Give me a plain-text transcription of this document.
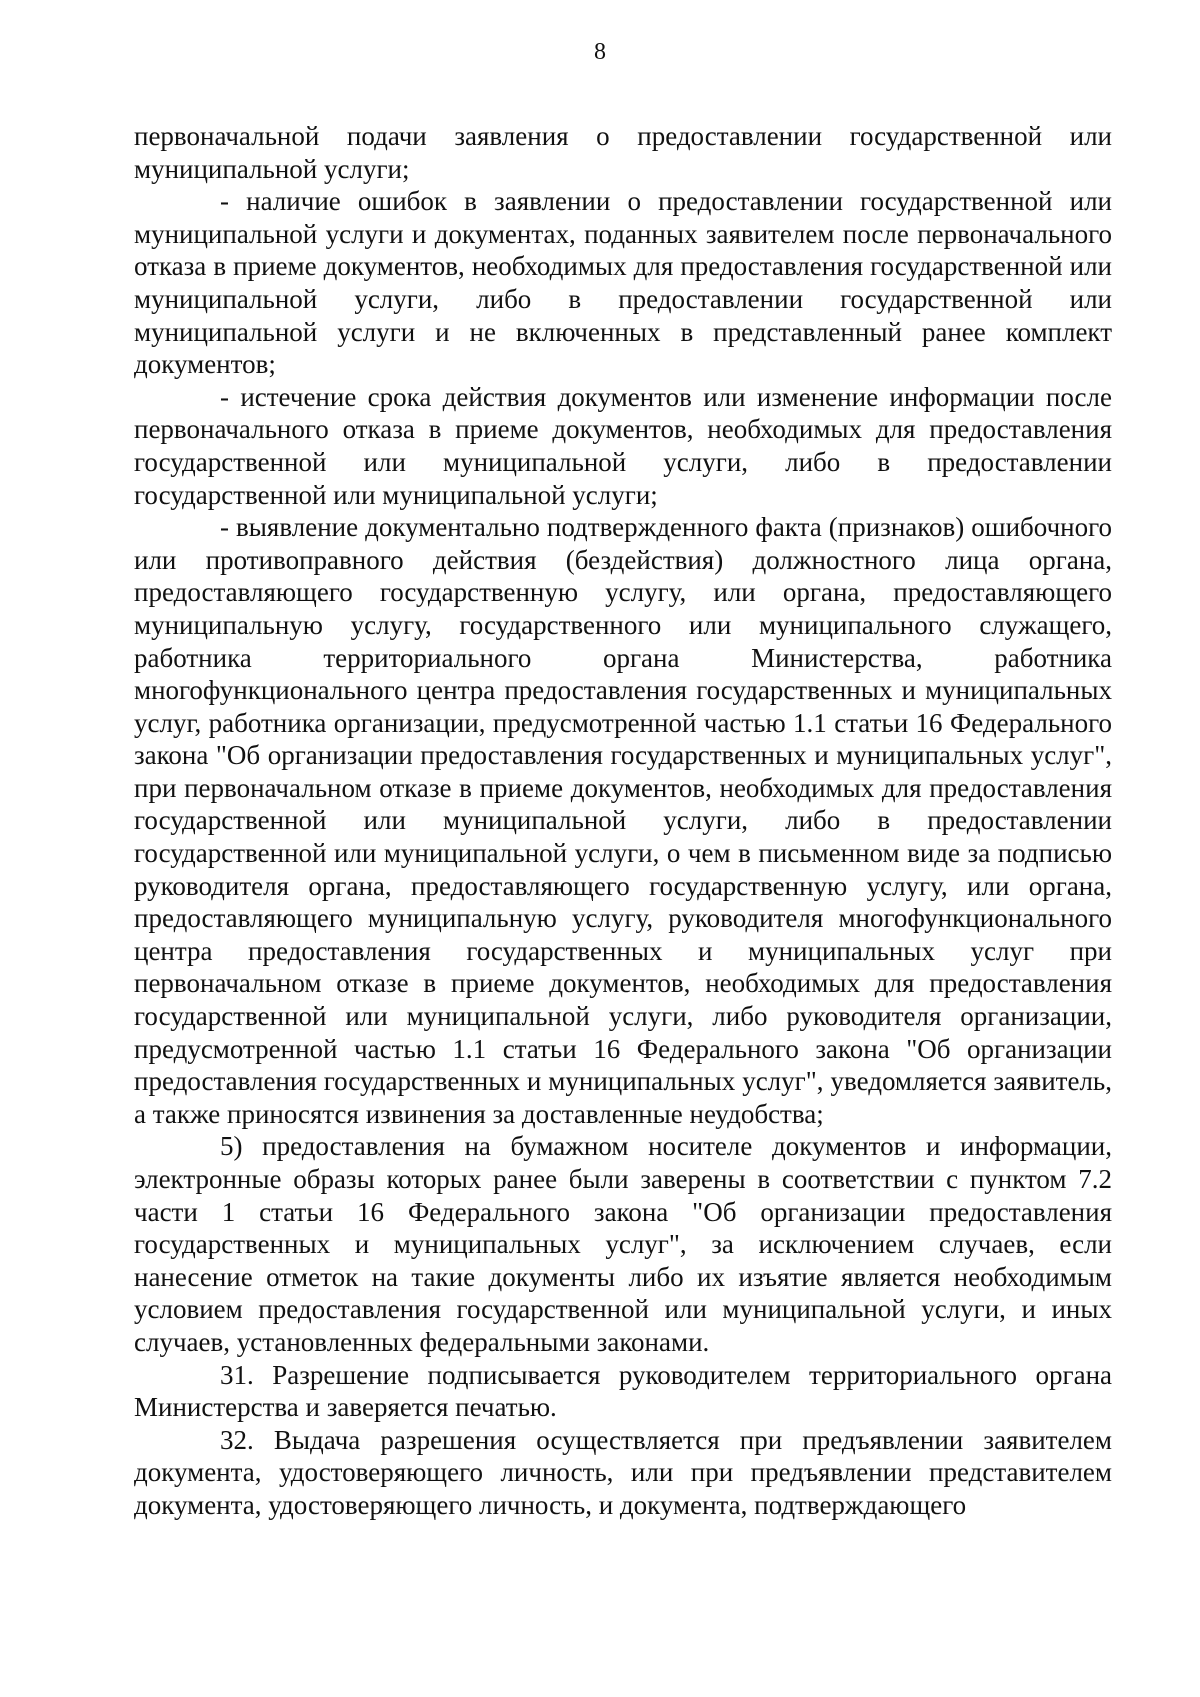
8

первоначальной подачи заявления о предоставлении государственной или муниципальной услуги;

- наличие ошибок в заявлении о предоставлении государственной или муниципальной услуги и документах, поданных заявителем после первоначального отказа в приеме документов, необходимых для предоставления государственной или муниципальной услуги, либо в предоставлении государственной или муниципальной услуги и не включенных в представленный ранее комплект документов;

- истечение срока действия документов или изменение информации после первоначального отказа в приеме документов, необходимых для предоставления государственной или муниципальной услуги, либо в предоставлении государственной или муниципальной услуги;

- выявление документально подтвержденного факта (признаков) ошибочного или противоправного действия (бездействия) должностного лица органа, предоставляющего государственную услугу, или органа, предоставляющего муниципальную услугу, государственного или муниципального служащего, работника территориального органа Министерства, работника многофункционального центра предоставления государственных и муниципальных услуг, работника организации, предусмотренной частью 1.1 статьи 16 Федерального закона "Об организации предоставления государственных и муниципальных услуг", при первоначальном отказе в приеме документов, необходимых для предоставления государственной или муниципальной услуги, либо в предоставлении государственной или муниципальной услуги, о чем в письменном виде за подписью руководителя органа, предоставляющего государственную услугу, или органа, предоставляющего муниципальную услугу, руководителя многофункционального центра предоставления государственных и муниципальных услуг при первоначальном отказе в приеме документов, необходимых для предоставления государственной или муниципальной услуги, либо руководителя организации, предусмотренной частью 1.1 статьи 16 Федерального закона "Об организации предоставления государственных и муниципальных услуг", уведомляется заявитель, а также приносятся извинения за доставленные неудобства;

5) предоставления на бумажном носителе документов и информации, электронные образы которых ранее были заверены в соответствии с пунктом 7.2 части 1 статьи 16 Федерального закона "Об организации предоставления государственных и муниципальных услуг", за исключением случаев, если нанесение отметок на такие документы либо их изъятие является необходимым условием предоставления государственной или муниципальной услуги, и иных случаев, установленных федеральными законами.

31. Разрешение подписывается руководителем территориального органа Министерства и заверяется печатью.

32. Выдача разрешения осуществляется при предъявлении заявителем документа, удостоверяющего личность, или при предъявлении представителем документа, удостоверяющего личность, и документа, подтверждающего
